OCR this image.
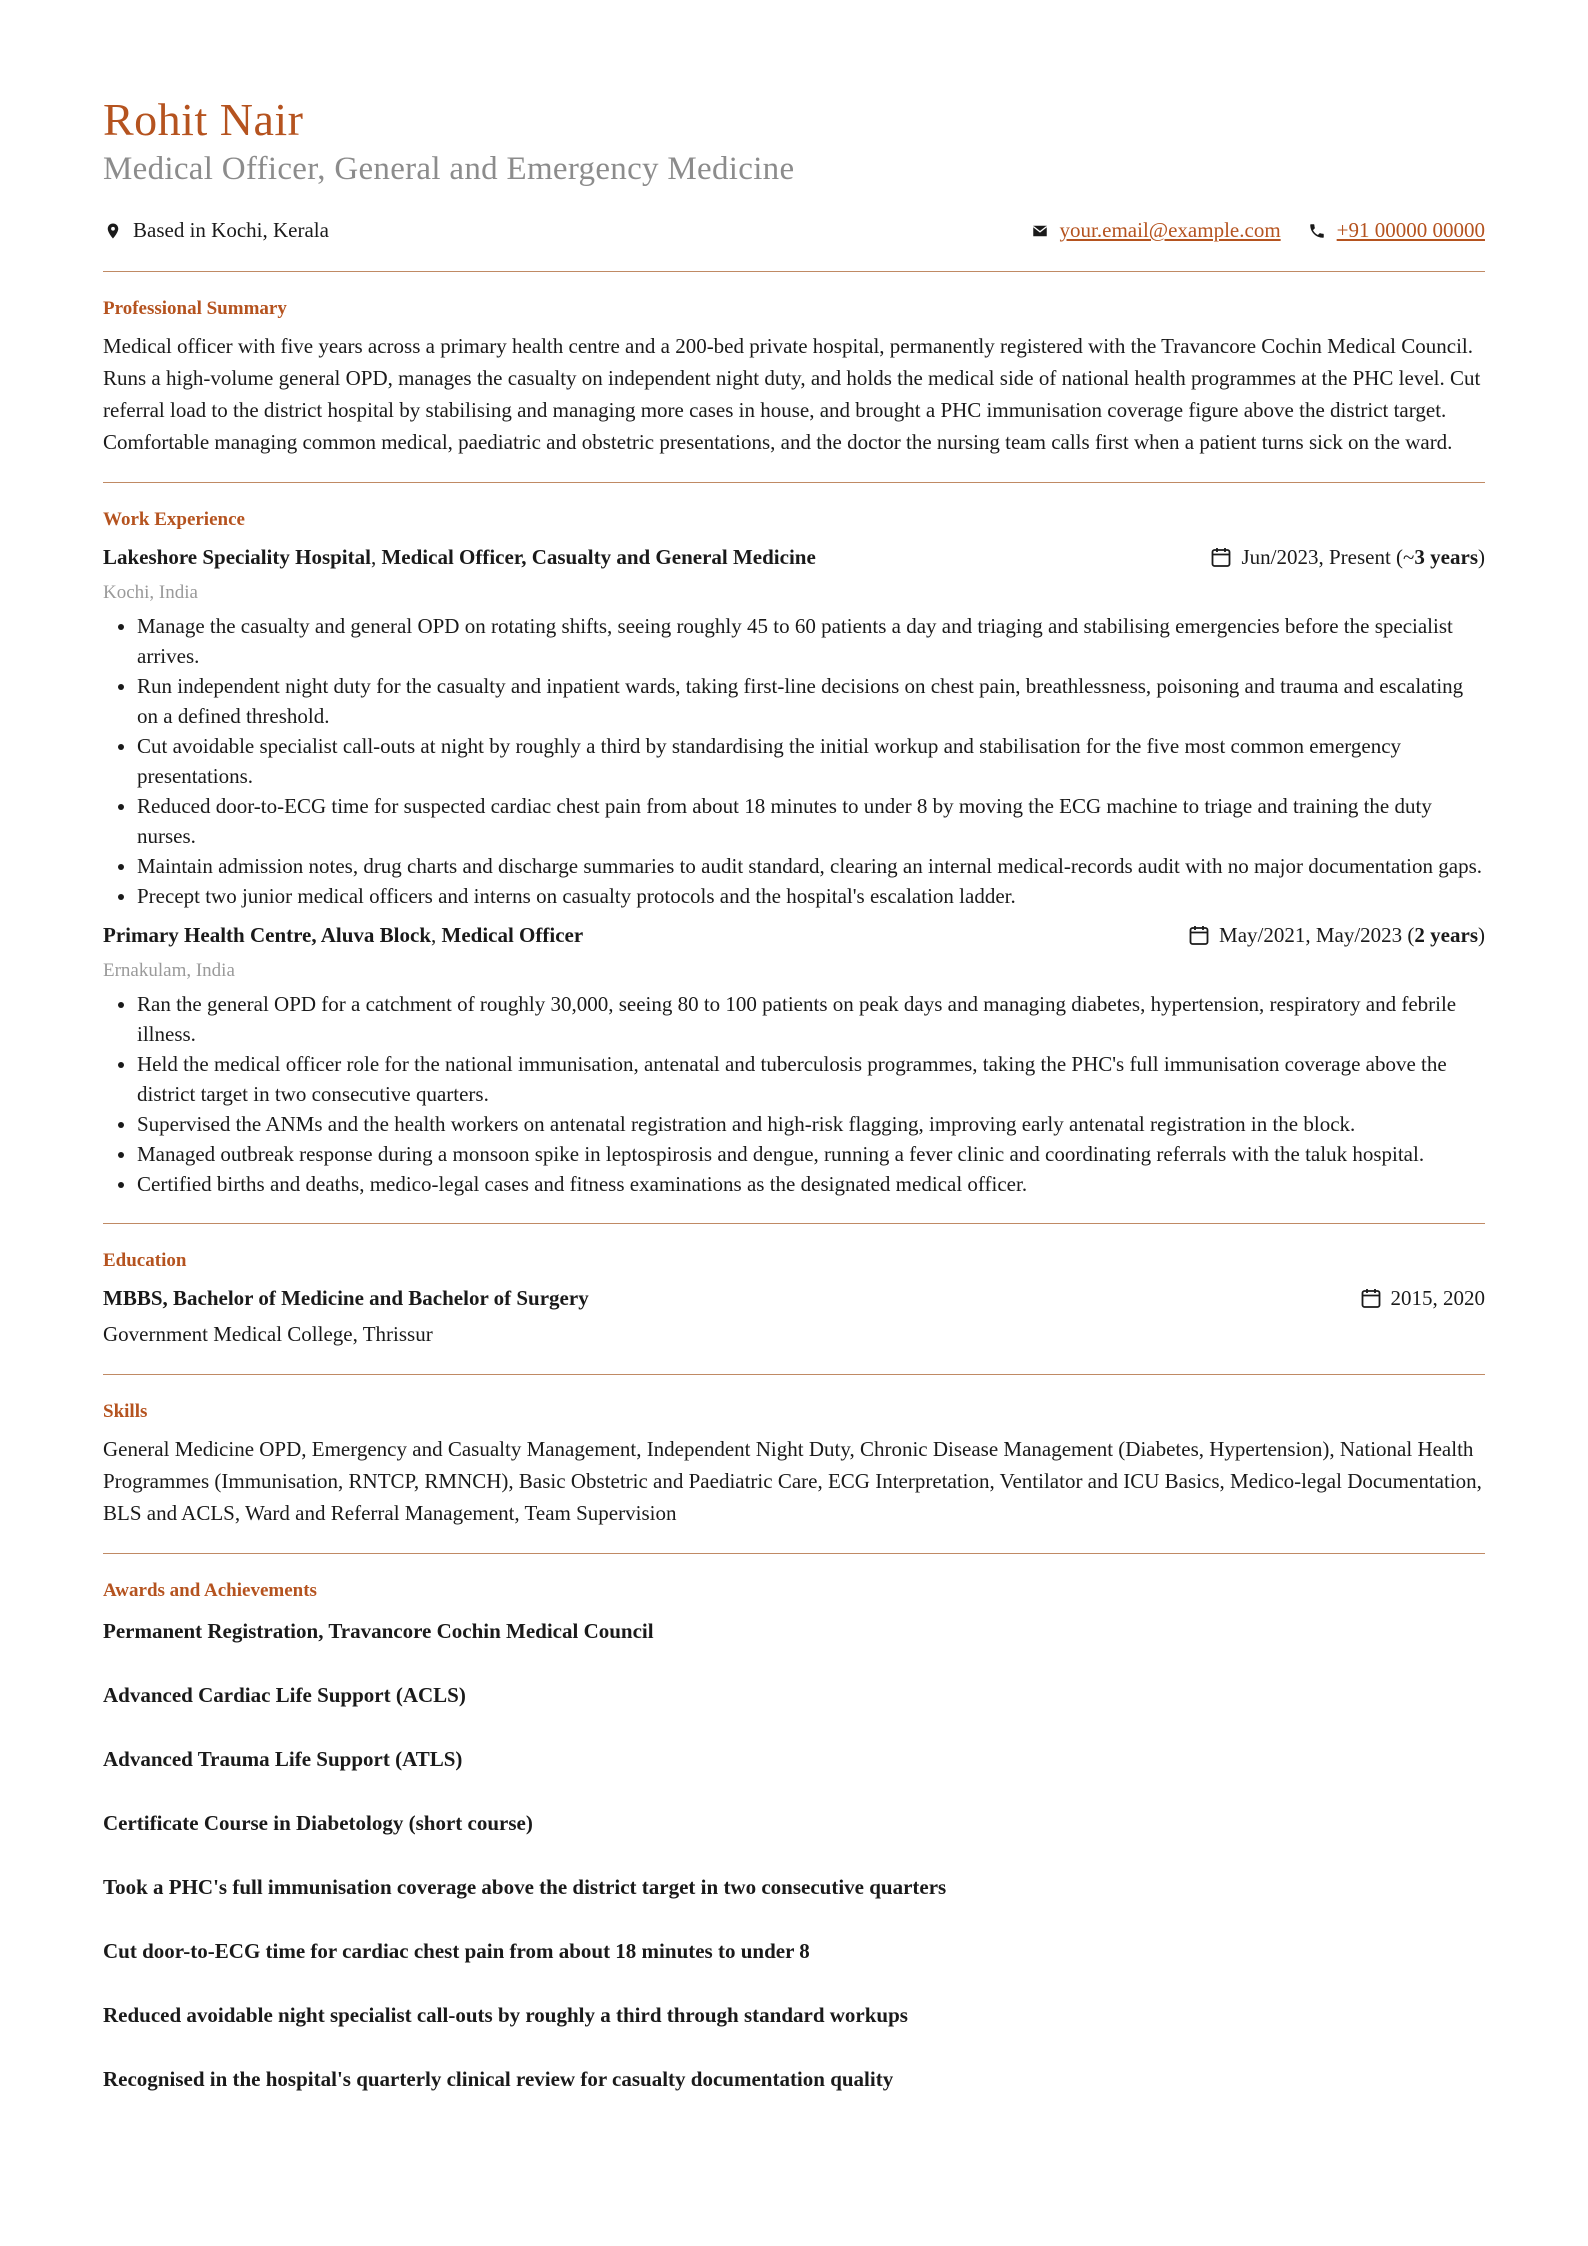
Rohit Nair
Medical Officer, General and Emergency Medicine
Based in Kochi, Kerala	your.email@example.com	+91 00000 00000
Professional Summary

Medical officer with five years across a primary health centre and a 200-bed private hospital, permanently registered with the Travancore Cochin Medical Council. Runs a high-volume general OPD, manages the casualty on independent night duty, and holds the medical side of national health programmes at the PHC level. Cut referral load to the district hospital by stabilising and managing more cases in house, and brought a PHC immunisation coverage figure above the district target. Comfortable managing common medical, paediatric and obstetric presentations, and the doctor the nursing team calls first when a patient turns sick on the ward.

Work Experience
Lakeshore Speciality Hospital, Medical Officer, Casualty and General Medicine	Jun/2023, Present (~ 3 years )
Kochi, India
• Manage the casualty and general OPD on rotating shifts, seeing roughly 45 to 60 patients a day and triaging and stabilising emergencies before the specialist arrives.
• Run independent night duty for the casualty and inpatient wards, taking first-line decisions on chest pain, breathlessness, poisoning and trauma and escalating on a defined threshold.
• Cut avoidable specialist call-outs at night by roughly a third by standardising the initial workup and stabilisation for the five most common emergency presentations.
• Reduced door-to-ECG time for suspected cardiac chest pain from about 18 minutes to under 8 by moving the ECG machine to triage and training the duty nurses.
• Maintain admission notes, drug charts and discharge summaries to audit standard, clearing an internal medical-records audit with no major documentation gaps.
• Precept two junior medical officers and interns on casualty protocols and the hospital's escalation ladder.
Primary Health Centre, Aluva Block, Medical Officer	May/2021, May/2023 ( 2 years )
Ernakulam, India
• Ran the general OPD for a catchment of roughly 30,000, seeing 80 to 100 patients on peak days and managing diabetes, hypertension, respiratory and febrile illness.
• Held the medical officer role for the national immunisation, antenatal and tuberculosis programmes, taking the PHC's full immunisation coverage above the district target in two consecutive quarters.
• Supervised the ANMs and the health workers on antenatal registration and high-risk flagging, improving early antenatal registration in the block.
• Managed outbreak response during a monsoon spike in leptospirosis and dengue, running a fever clinic and coordinating referrals with the taluk hospital.
• Certified births and deaths, medico-legal cases and fitness examinations as the designated medical officer.
Education
MBBS, Bachelor of Medicine and Bachelor of Surgery	2015, 2020
Government Medical College, Thrissur
Skills

General Medicine OPD, Emergency and Casualty Management, Independent Night Duty, Chronic Disease Management (Diabetes, Hypertension), National Health Programmes (Immunisation, RNTCP, RMNCH), Basic Obstetric and Paediatric Care, ECG Interpretation, Ventilator and ICU Basics, Medico-legal Documentation, BLS and ACLS, Ward and Referral Management, Team Supervision

Awards and Achievements
Permanent Registration, Travancore Cochin Medical Council
Advanced Cardiac Life Support (ACLS)
Advanced Trauma Life Support (ATLS)
Certificate Course in Diabetology (short course)
Took a PHC's full immunisation coverage above the district target in two consecutive quarters
Cut door-to-ECG time for cardiac chest pain from about 18 minutes to under 8
Reduced avoidable night specialist call-outs by roughly a third through standard workups
Recognised in the hospital's quarterly clinical review for casualty documentation quality
